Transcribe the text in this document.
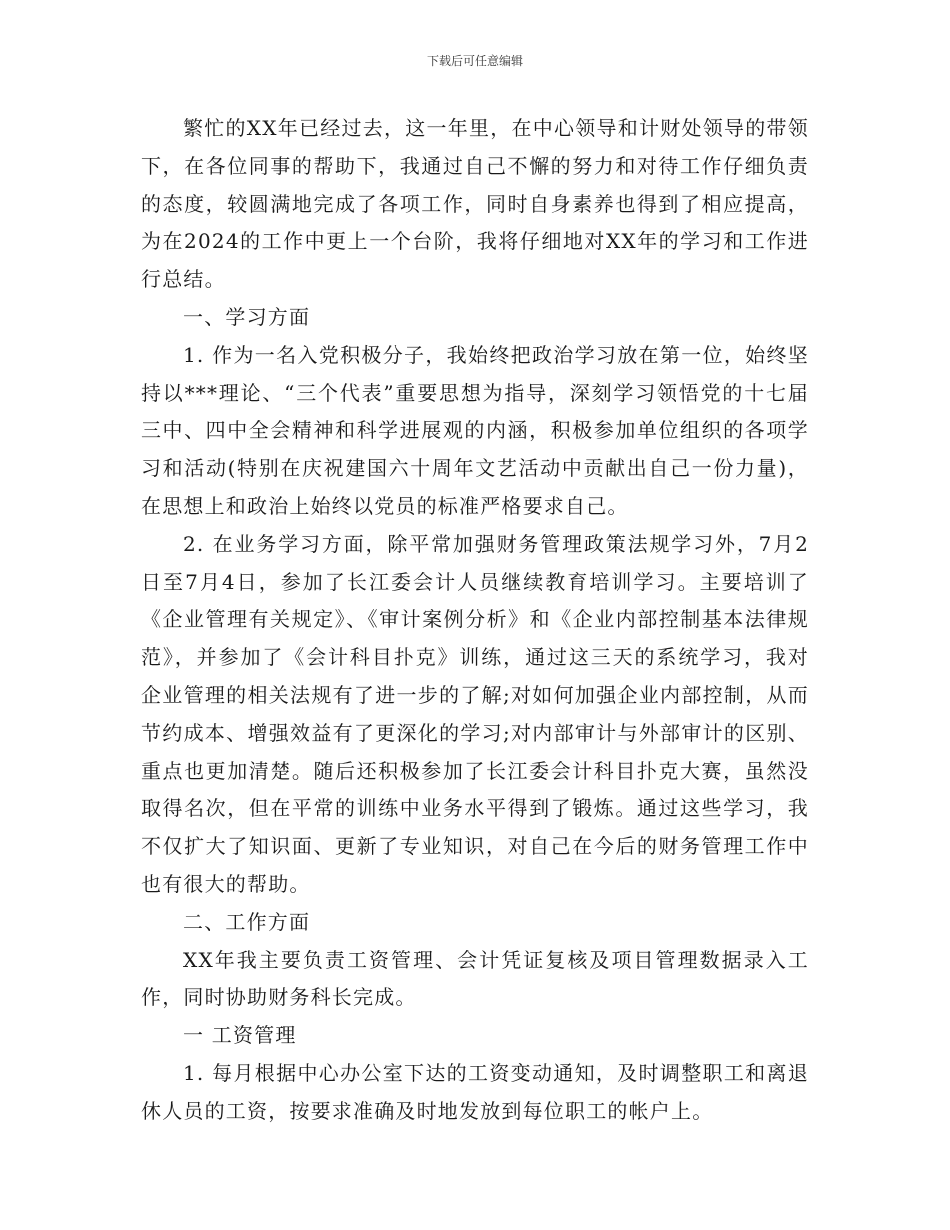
下载后可任意编辑

繁忙的XX年已经过去，这一年里，在中心领导和计财处领导的带领下，在各位同事的帮助下，我通过自己不懈的努力和对待工作仔细负责的态度，较圆满地完成了各项工作，同时自身素养也得到了相应提高，为在2024的工作中更上一个台阶，我将仔细地对XX年的学习和工作进行总结。

一、学习方面

1. 作为一名入党积极分子，我始终把政治学习放在第一位，始终坚持以***理论、“三个代表”重要思想为指导，深刻学习领悟党的十七届三中、四中全会精神和科学进展观的内涵，积极参加单位组织的各项学习和活动(特别在庆祝建国六十周年文艺活动中贡献出自己一份力量)，在思想上和政治上始终以党员的标准严格要求自己。

2. 在业务学习方面，除平常加强财务管理政策法规学习外，7月2日至7月4日，参加了长江委会计人员继续教育培训学习。主要培训了《企业管理有关规定》、《审计案例分析》和《企业内部控制基本法律规范》，并参加了《会计科目扑克》训练，通过这三天的系统学习，我对企业管理的相关法规有了进一步的了解;对如何加强企业内部控制，从而节约成本、增强效益有了更深化的学习;对内部审计与外部审计的区别、重点也更加清楚。随后还积极参加了长江委会计科目扑克大赛，虽然没取得名次，但在平常的训练中业务水平得到了锻炼。通过这些学习，我不仅扩大了知识面、更新了专业知识，对自己在今后的财务管理工作中也有很大的帮助。

二、工作方面

XX年我主要负责工资管理、会计凭证复核及项目管理数据录入工作，同时协助财务科长完成。

一 工资管理

1. 每月根据中心办公室下达的工资变动通知，及时调整职工和离退休人员的工资，按要求准确及时地发放到每位职工的帐户上。
